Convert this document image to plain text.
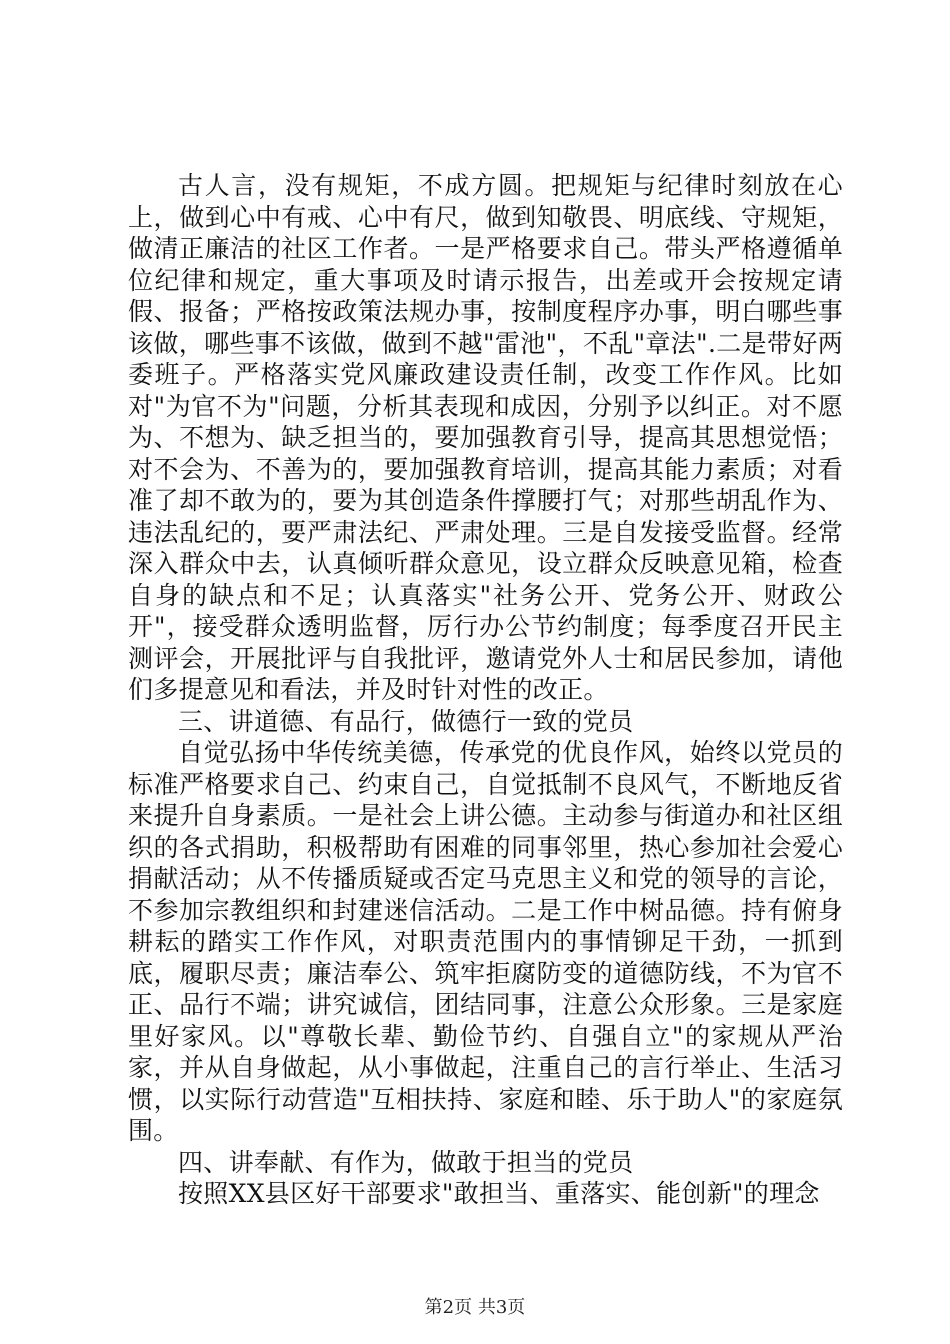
古人言，没有规矩，不成方圆。把规矩与纪律时刻放在心上，做到心中有戒、心中有尺，做到知敬畏、明底线、守规矩，做清正廉洁的社区工作者。一是严格要求自己。带头严格遵循单位纪律和规定，重大事项及时请示报告，出差或开会按规定请假、报备；严格按政策法规办事，按制度程序办事，明白哪些事该做，哪些事不该做，做到不越"雷池"，不乱"章法".二是带好两委班子。严格落实党风廉政建设责任制，改变工作作风。比如对"为官不为"问题，分析其表现和成因，分别予以纠正。对不愿为、不想为、缺乏担当的，要加强教育引导，提高其思想觉悟；对不会为、不善为的，要加强教育培训，提高其能力素质；对看准了却不敢为的，要为其创造条件撑腰打气；对那些胡乱作为、违法乱纪的，要严肃法纪、严肃处理。三是自发接受监督。经常深入群众中去，认真倾听群众意见，设立群众反映意见箱，检查自身的缺点和不足；认真落实"社务公开、党务公开、财政公开"，接受群众透明监督，厉行办公节约制度；每季度召开民主测评会，开展批评与自我批评，邀请党外人士和居民参加，请他们多提意见和看法，并及时针对性的改正。

三、讲道德、有品行，做德行一致的党员

自觉弘扬中华传统美德，传承党的优良作风，始终以党员的标准严格要求自己、约束自己，自觉抵制不良风气，不断地反省来提升自身素质。一是社会上讲公德。主动参与街道办和社区组织的各式捐助，积极帮助有困难的同事邻里，热心参加社会爱心捐献活动；从不传播质疑或否定马克思主义和党的领导的言论，不参加宗教组织和封建迷信活动。二是工作中树品德。持有俯身耕耘的踏实工作作风，对职责范围内的事情铆足干劲，一抓到底，履职尽责；廉洁奉公、筑牢拒腐防变的道德防线，不为官不正、品行不端；讲究诚信，团结同事，注意公众形象。三是家庭里好家风。以"尊敬长辈、勤俭节约、自强自立"的家规从严治家，并从自身做起，从小事做起，注重自己的言行举止、生活习惯，以实际行动营造"互相扶持、家庭和睦、乐于助人"的家庭氛围。

四、讲奉献、有作为，做敢于担当的党员

按照XX县区好干部要求"敢担当、重落实、能创新"的理念

第2页 共3页
